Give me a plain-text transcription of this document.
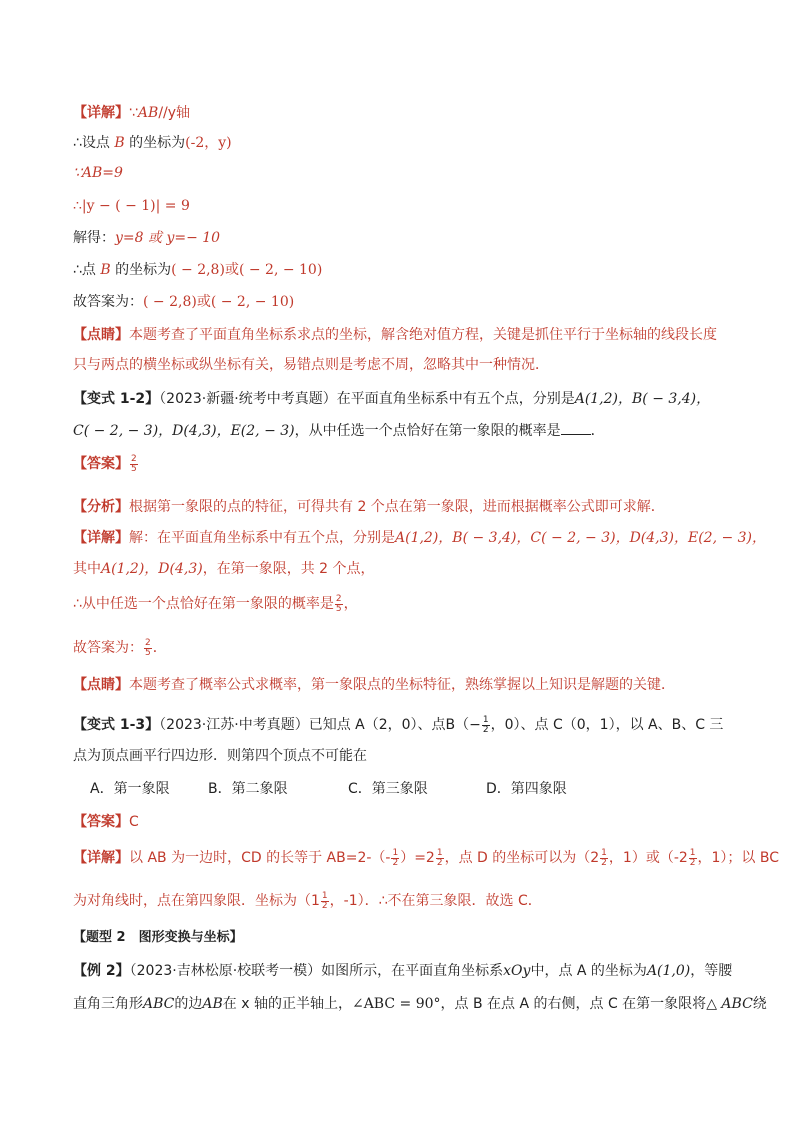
【详解】∵AB//y轴
∴设点 B 的坐标为(-2，y)
∵AB=9
∴|y − ( − 1)| = 9
解得：y=8 或 y=− 10
∴点 B 的坐标为( − 2,8)或( − 2, − 10)
故答案为：( − 2,8)或( − 2, − 10)
【点睛】本题考查了平面直角坐标系求点的坐标，解含绝对值方程，关键是抓住平行于坐标轴的线段长度
只与两点的横坐标或纵坐标有关，易错点则是考虑不周，忽略其中一种情况．
【变式 1-2】（2023·新疆·统考中考真题）在平面直角坐标系中有五个点，分别是A(1,2)，B( − 3,4)，
C( − 2, − 3)，D(4,3)，E(2, − 3)，从中任选一个点恰好在第一象限的概率是 ．
【答案】 $\frac{2}{5}$
【分析】根据第一象限的点的特征，可得共有 2 个点在第一象限，进而根据概率公式即可求解．
【详解】解：在平面直角坐标系中有五个点，分别是A(1,2)，B( − 3,4)，C( − 2, − 3)，D(4,3)，E(2, − 3)，
其中A(1,2)，D(4,3)，在第一象限，共 2 个点，
∴从中任选一个点恰好在第一象限的概率是 $\frac{2}{5}$ ，
故答案为： $\frac{2}{5}$ ．
【点睛】本题考查了概率公式求概率，第一象限点的坐标特征，熟练掌握以上知识是解题的关键．
【变式 1-3】（2023·江苏·中考真题）已知点 A（2，0）、点$B(- \frac{1}{2}$ ，0）、点 C（0，1），以 A、B、C 三
点为顶点画平行四边形．则第四个顶点不可能在
A．第一象限	B．第二象限	C．第三象限	D．第四象限
【答案】C
【详解】以 AB 为一边时，CD 的长等于 $AB=2-(- \frac{1}{2} )=2 \frac{1}{2}$ ，点 D 的坐标可以为（$2 \frac{1}{2}$ ，1）或（$-2 \frac{1}{2}$ ，1）；以 BC
为对角线时，点在第四象限．坐标为（$1 \frac{1}{2}$ ，-1）．∴不在第三象限．故选 C．
【题型 2　图形变换与坐标】
【例 2】（2023·吉林松原·校联考一模）如图所示，在平面直角坐标系xOy中，点 A 的坐标为A(1,0)，等腰
直角三角形ABC的边AB在 x 轴的正半轴上，∠ABC = 90°，点 B 在点 A 的右侧，点 C 在第一象限将△ ABC绕
